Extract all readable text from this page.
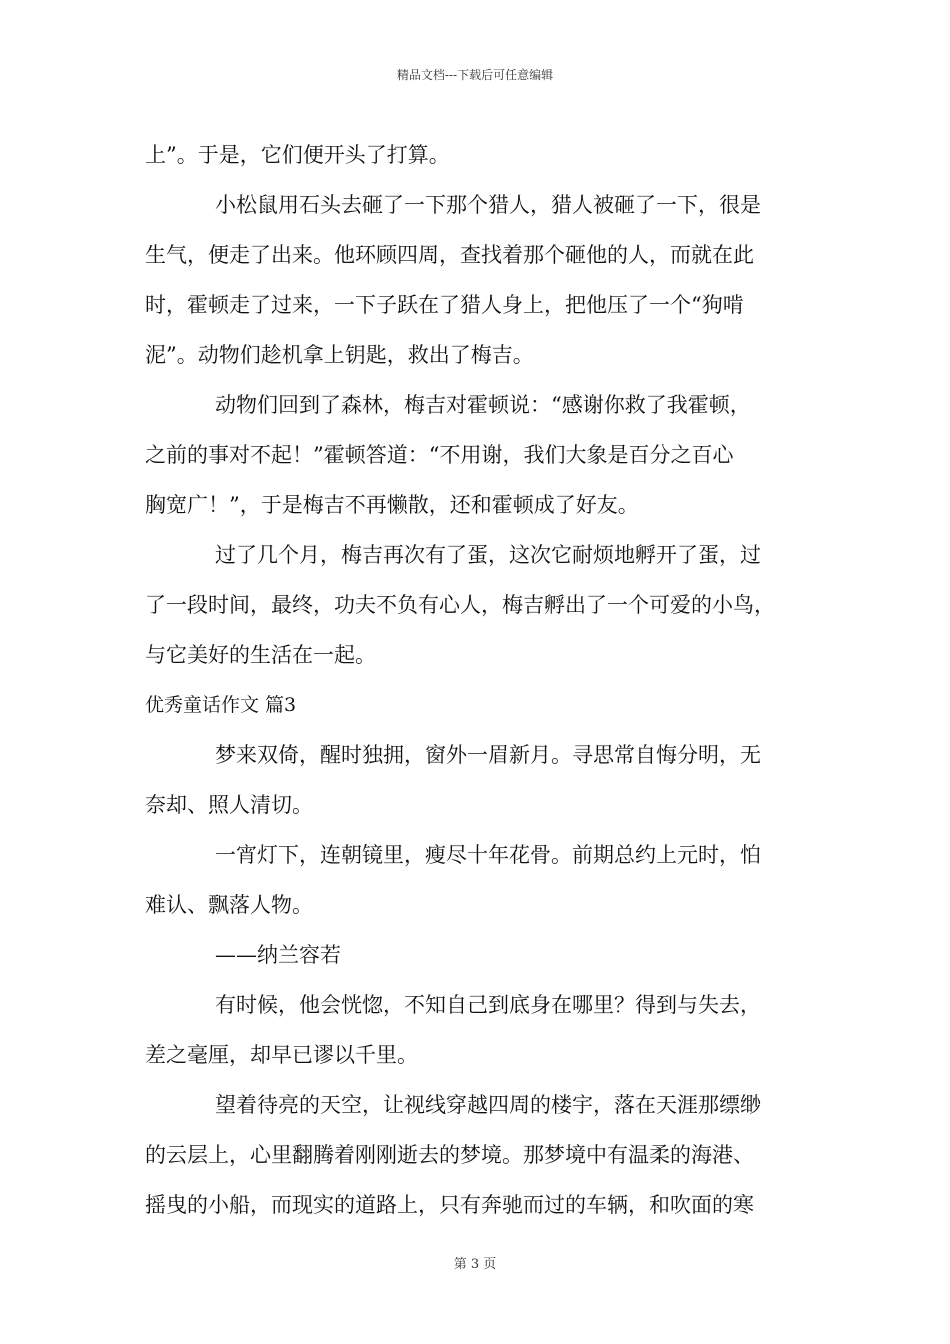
精品文档---下载后可任意编辑
上”。于是，它们便开头了打算。
小松鼠用石头去砸了一下那个猎人，猎人被砸了一下，很是
生气，便走了出来。他环顾四周，查找着那个砸他的人，而就在此
时，霍顿走了过来，一下子跃在了猎人身上，把他压了一个“狗啃
泥”。动物们趁机拿上钥匙，救出了梅吉。
动物们回到了森林，梅吉对霍顿说：“感谢你救了我霍顿，
之前的事对不起！”霍顿答道：“不用谢，我们大象是百分之百心
胸宽广！”，于是梅吉不再懒散，还和霍顿成了好友。
过了几个月，梅吉再次有了蛋，这次它耐烦地孵开了蛋，过
了一段时间，最终，功夫不负有心人，梅吉孵出了一个可爱的小鸟，
与它美好的生活在一起。
优秀童话作文 篇3
梦来双倚，醒时独拥，窗外一眉新月。寻思常自悔分明，无
奈却、照人清切。
一宵灯下，连朝镜里，瘦尽十年花骨。前期总约上元时，怕
难认、飘落人物。
——纳兰容若
有时候，他会恍惚，不知自己到底身在哪里？得到与失去，
差之毫厘，却早已谬以千里。
望着待亮的天空，让视线穿越四周的楼宇，落在天涯那缥缈
的云层上，心里翻腾着刚刚逝去的梦境。那梦境中有温柔的海港、
摇曳的小船，而现实的道路上，只有奔驰而过的车辆，和吹面的寒
第 3 页
